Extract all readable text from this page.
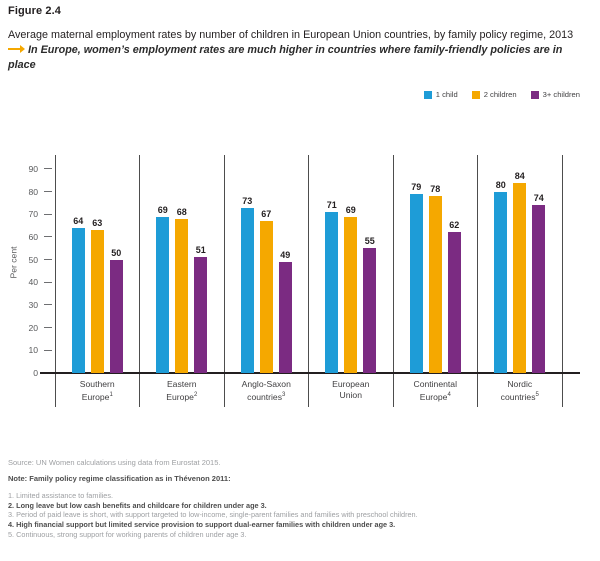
Figure 2.4
Average maternal employment rates by number of children in European Union countries, by family policy regime, 2013
In Europe, women’s employment rates are much higher in countries where family-friendly policies are in place
1 child	2 children	3+ children
Per cent
0
10
20
30
40
50
60
70
80
90
64 63
50
Southern
Europe$^1$
69 68
51
Eastern
Europe$^2$
73
67
49
Anglo-Saxon
countries$^3$
71 69
55
European
Union
79 78
62
Continental
Europe$^4$
80
84
74
Nordic
countries$^5$
Source: UN Women calculations using data from Eurostat 2015.
Note: Family policy regime classification as in Thévenon 2011:
1. Limited assistance to families.
2. Long leave but low cash benefits and childcare for children under age 3.
3. Period of paid leave is short, with support targeted to low-income, single-parent families and families with preschool children.
4. High financial support but limited service provision to support dual-earner families with children under age 3.
5. Continuous, strong support for working parents of children under age 3.
